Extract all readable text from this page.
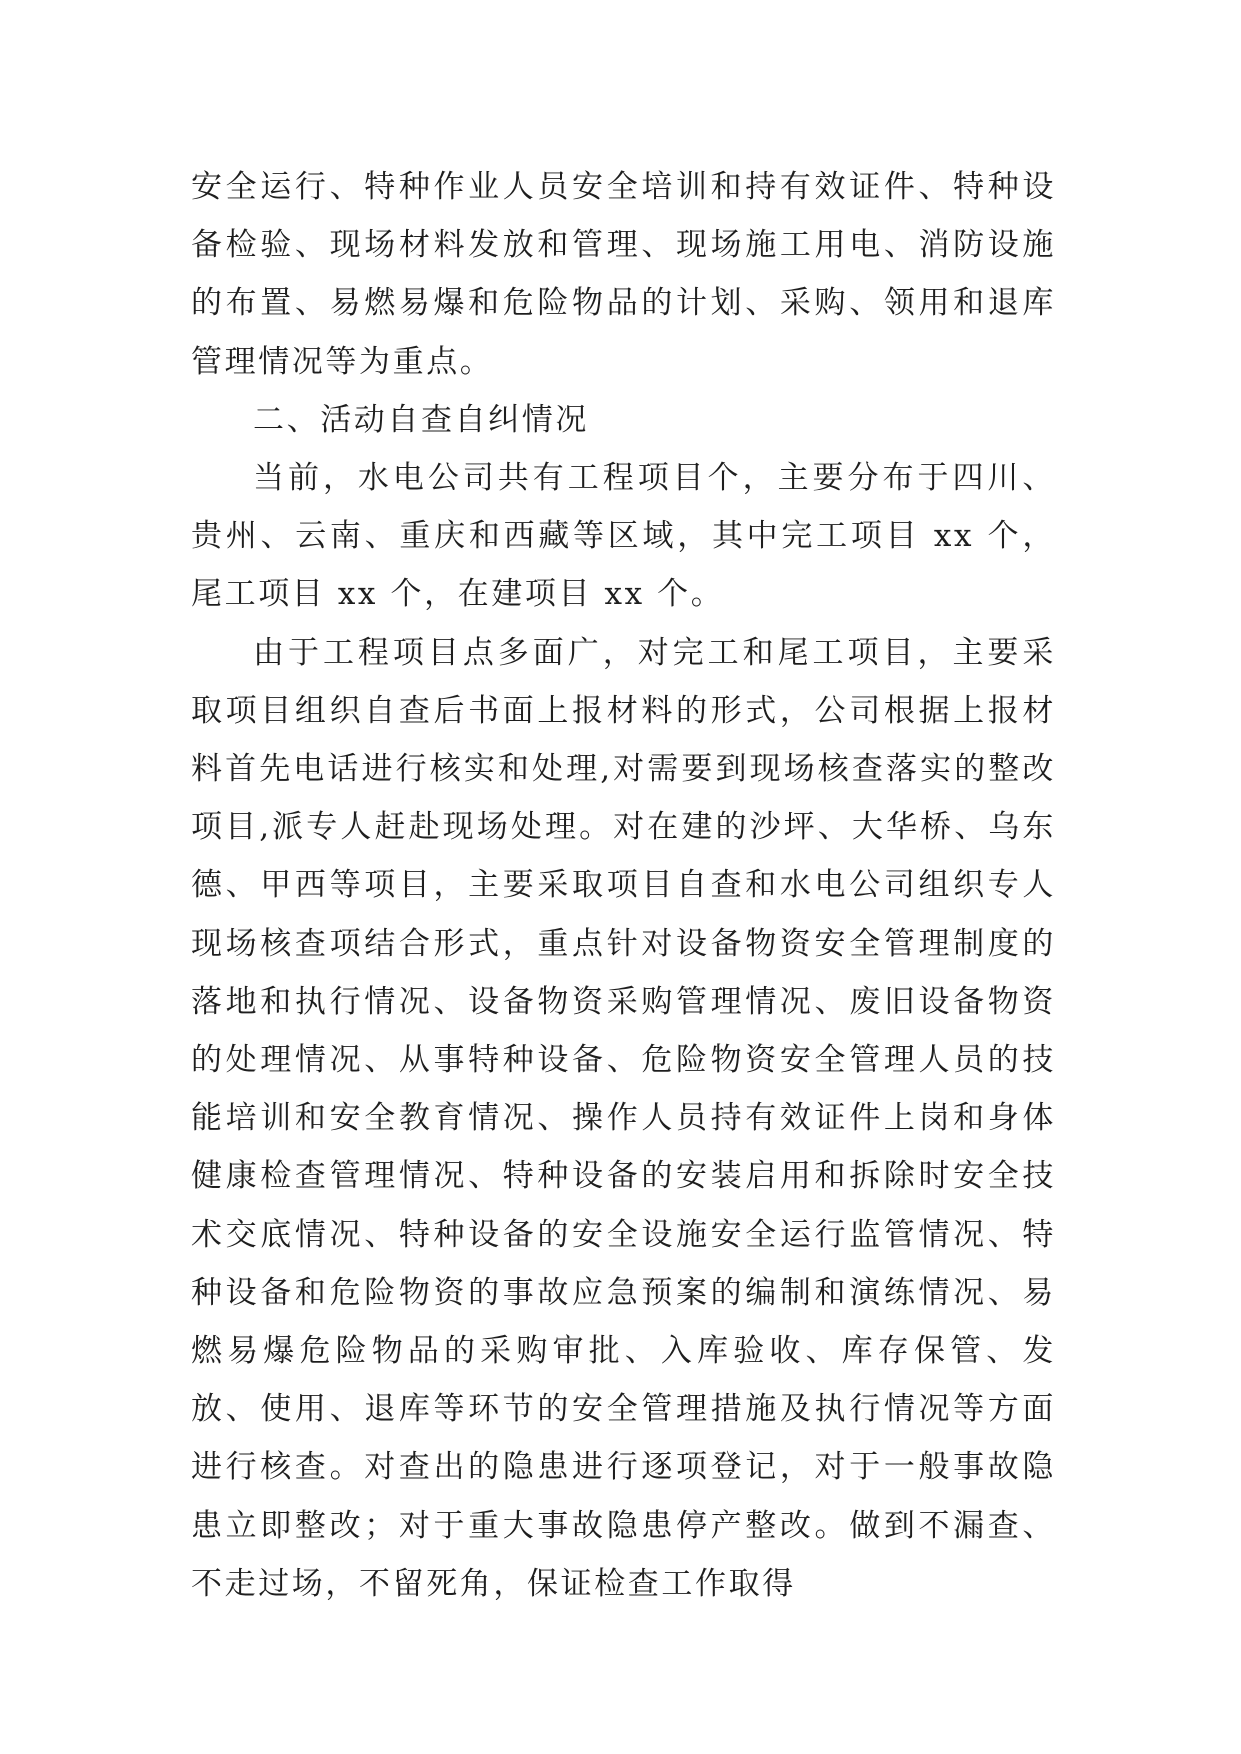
安全运行、特种作业人员安全培训和持有效证件、特种设备检验、现场材料发放和管理、现场施工用电、消防设施的布置、易燃易爆和危险物品的计划、采购、领用和退库管理情况等为重点。

二、活动自查自纠情况

当前，水电公司共有工程项目个，主要分布于四川、贵州、云南、重庆和西藏等区域，其中完工项目 xx 个，尾工项目 xx 个，在建项目 xx 个。

由于工程项目点多面广，对完工和尾工项目，主要采取项目组织自查后书面上报材料的形式，公司根据上报材料首先电话进行核实和处理,对需要到现场核查落实的整改项目,派专人赶赴现场处理。对在建的沙坪、大华桥、乌东德、甲西等项目，主要采取项目自查和水电公司组织专人现场核查项结合形式，重点针对设备物资安全管理制度的落地和执行情况、设备物资采购管理情况、废旧设备物资的处理情况、从事特种设备、危险物资安全管理人员的技能培训和安全教育情况、操作人员持有效证件上岗和身体健康检查管理情况、特种设备的安装启用和拆除时安全技术交底情况、特种设备的安全设施安全运行监管情况、特种设备和危险物资的事故应急预案的编制和演练情况、易燃易爆危险物品的采购审批、入库验收、库存保管、发放、使用、退库等环节的安全管理措施及执行情况等方面进行核查。对查出的隐患进行逐项登记，对于一般事故隐患立即整改；对于重大事故隐患停产整改。做到不漏查、不走过场，不留死角，保证检查工作取得
